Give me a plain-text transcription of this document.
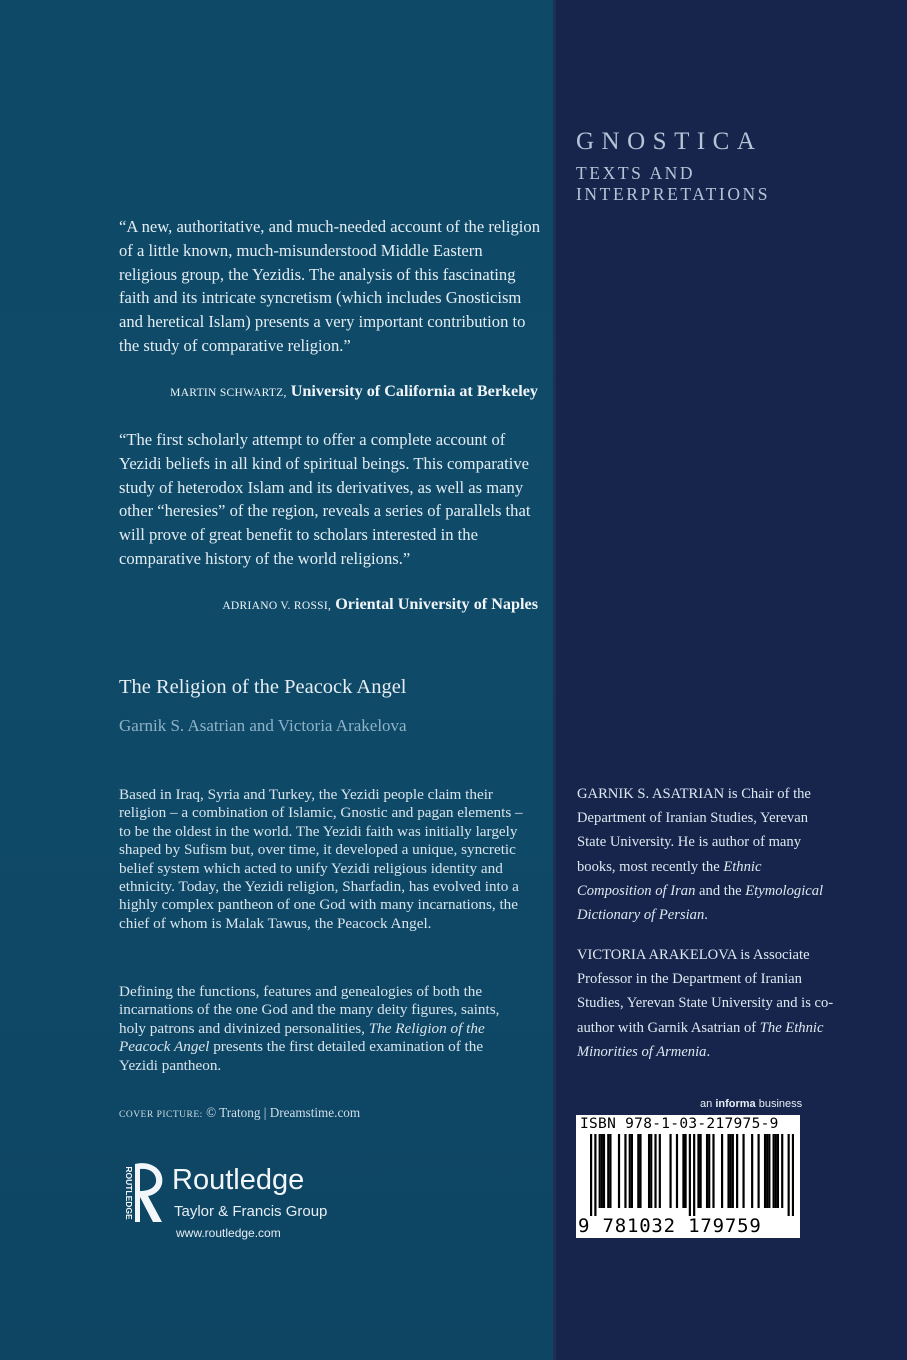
GNOSTICA
TEXTS AND
INTERPRETATIONS

“A new, authoritative, and much-needed account of the religion of a little known, much-misunderstood Middle Eastern religious group, the Yezidis. The analysis of this fascinating faith and its intricate syncretism (which includes Gnosticism and heretical Islam) presents a very important contribution to the study of comparative religion.”

MARTIN SCHWARTZ, University of California at Berkeley

“The first scholarly attempt to offer a complete account of Yezidi beliefs in all kind of spiritual beings. This comparative study of heterodox Islam and its derivatives, as well as many other “heresies” of the region, reveals a series of parallels that will prove of great benefit to scholars interested in the comparative history of the world religions.”

ADRIANO V. ROSSI, Oriental University of Naples
The Religion of the Peacock Angel
Garnik S. Asatrian and Victoria Arakelova

Based in Iraq, Syria and Turkey, the Yezidi people claim their religion – a combination of Islamic, Gnostic and pagan elements – to be the oldest in the world. The Yezidi faith was initially largely shaped by Sufism but, over time, it developed a unique, syncretic belief system which acted to unify Yezidi religious identity and ethnicity. Today, the Yezidi religion, Sharfadin, has evolved into a highly complex pantheon of one God with many incarnations, the chief of whom is Malak Tawus, the Peacock Angel.

Defining the functions, features and genealogies of both the incarnations of the one God and the many deity figures, saints, holy patrons and divinized personalities, The Religion of the Peacock Angel presents the first detailed examination of the Yezidi pantheon.

COVER PICTURE: © Tratong | Dreamstime.com
ROUTLEDGE Routledge
Taylor & Francis Group
www.routledge.com

GARNIK S. ASATRIAN is Chair of the Department of Iranian Studies, Yerevan State University. He is author of many books, most recently the Ethnic Composition of Iran and the Etymological Dictionary of Persian.

VICTORIA ARAKELOVA is Associate Professor in the Department of Iranian Studies, Yerevan State University and is co-author with Garnik Asatrian of The Ethnic Minorities of Armenia.

an informa business
ISBN 978-1-03-217975-9
9 781032 179759
